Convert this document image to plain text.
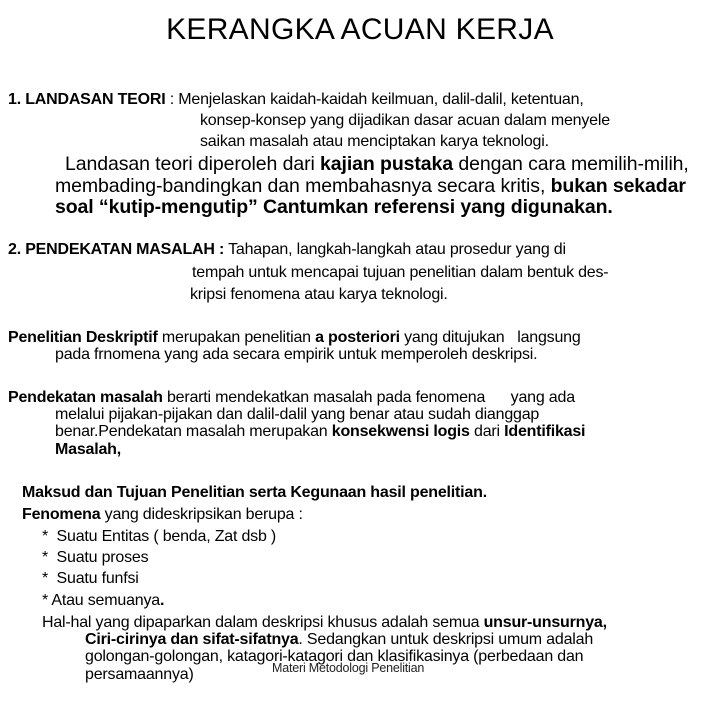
KERANGKA ACUAN KERJA
1. LANDASAN TEORI : Menjelaskan kaidah-kaidah keilmuan, dalil-dalil, ketentuan,
konsep-konsep yang dijadikan dasar acuan dalam menyele
saikan masalah atau menciptakan karya teknologi.
Landasan teori diperoleh dari kajian pustaka dengan cara memilih-milih,
membading-bandingkan dan membahasnya secara kritis, bukan sekadar
soal “kutip-mengutip” Cantumkan referensi yang digunakan.
2. PENDEKATAN MASALAH : Tahapan, langkah-langkah atau prosedur yang di
tempah untuk mencapai tujuan penelitian dalam bentuk des-
kripsi fenomena atau karya teknologi.
Penelitian Deskriptif merupakan penelitian a posteriori yang ditujukan   langsung
pada frnomena yang ada secara empirik untuk memperoleh deskripsi.
Pendekatan masalah berarti mendekatkan masalah pada fenomena      yang ada
melalui pijakan-pijakan dan dalil-dalil yang benar atau sudah dianggap
benar.Pendekatan masalah merupakan konsekwensi logis dari Identifikasi
Masalah,
Maksud dan Tujuan Penelitian serta Kegunaan hasil penelitian.
Fenomena yang dideskripsikan berupa :
*  Suatu Entitas ( benda, Zat dsb )
*  Suatu proses
*  Suatu funfsi
* Atau semuanya.
Hal-hal yang dipaparkan dalam deskripsi khusus adalah semua unsur-unsurnya,
Ciri-cirinya dan sifat-sifatnya. Sedangkan untuk deskripsi umum adalah
golongan-golongan, katagori-katagori dan klasifikasinya (perbedaan dan
persamaannya)	Materi Metodologi Penelitian
